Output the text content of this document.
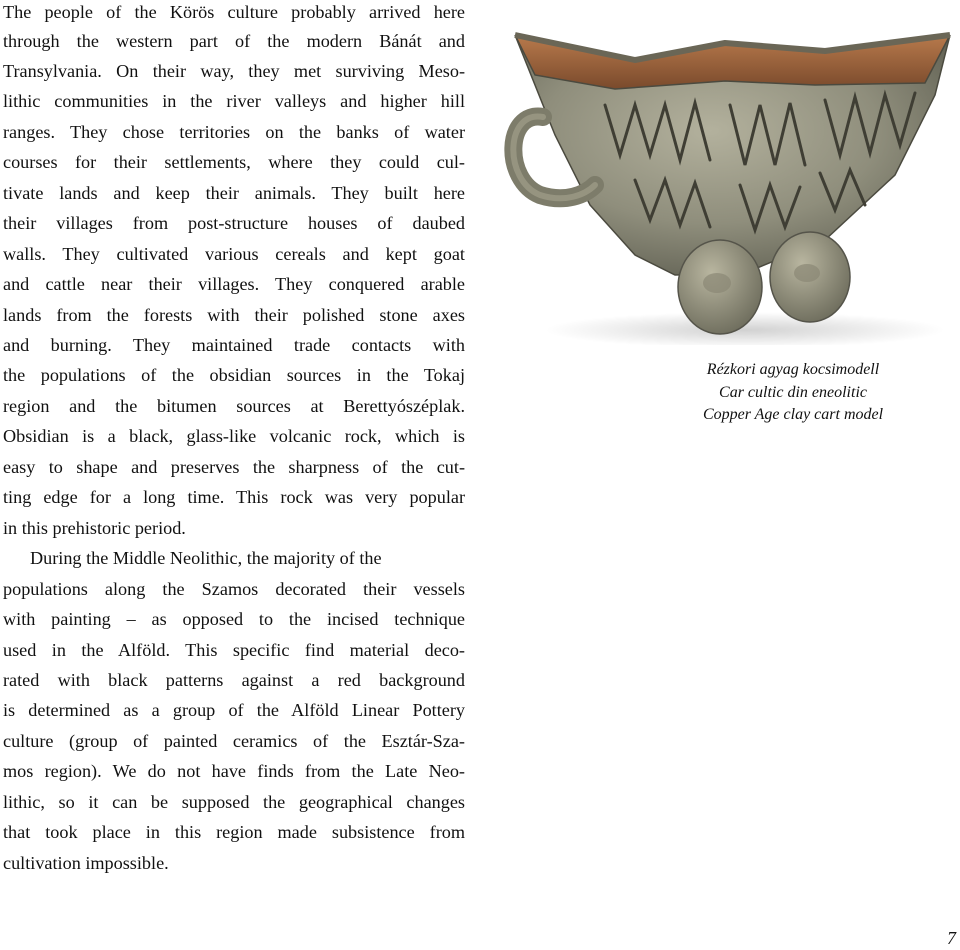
The people of the Körös culture probably arrived here
through the western part of the modern Bánát and
Transylvania. On their way, they met surviving Meso-
lithic communities in the river valleys and higher hill
ranges. They chose territories on the banks of water
courses for their settlements, where they could cul-
tivate lands and keep their animals. They built here
their villages from post-structure houses of daubed
walls. They cultivated various cereals and kept goat
and cattle near their villages. They conquered arable
lands from the forests with their polished stone axes
and burning. They maintained trade contacts with
the populations of the obsidian sources in the Tokaj
region and the bitumen sources at Berettyószéplak.
Obsidian is a black, glass-like volcanic rock, which is
easy to shape and preserves the sharpness of the cut-
ting edge for a long time. This rock was very popular
in this prehistoric period.
During the Middle Neolithic, the majority of the
populations along the Szamos decorated their vessels
with painting – as opposed to the incised technique
used in the Alföld. This specific find material deco-
rated with black patterns against a red background
is determined as a group of the Alföld Linear Pottery
culture (group of painted ceramics of the Esztár-Sza-
mos region). We do not have finds from the Late Neo-
lithic, so it can be supposed the geographical changes
that took place in this region made subsistence from
cultivation impossible.
Rézkori agyag kocsimodell
Car cultic din eneolitic
Copper Age clay cart model
7
